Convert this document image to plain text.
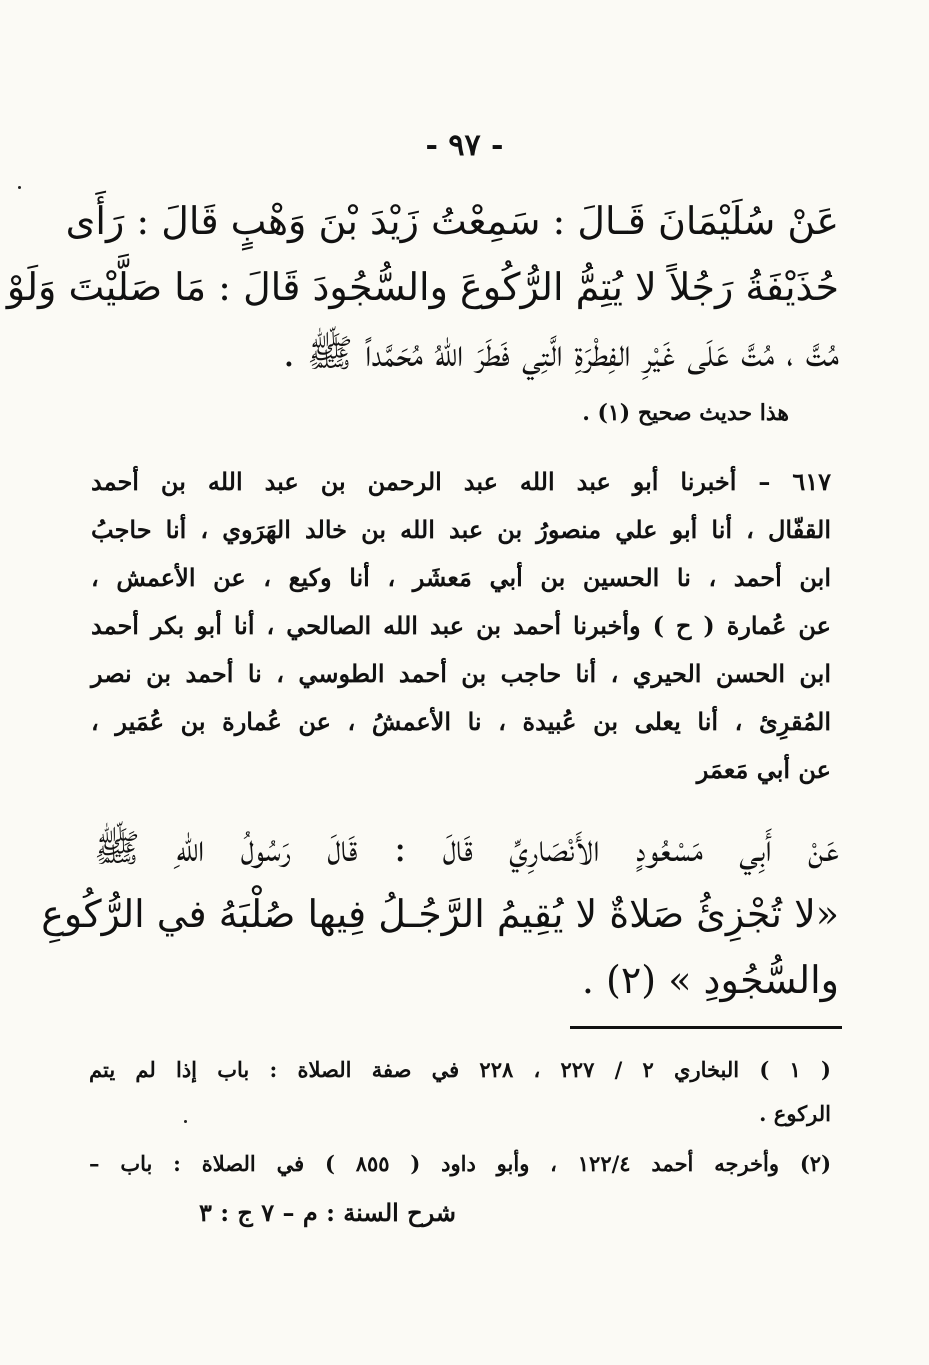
- ٩٧ -
عَنْ سُلَيْمَانَ قَـالَ : سَمِعْتُ زَيْدَ بْنَ وَهْبٍ قَالَ : رَأَى
حُذَيْفَةُ رَجُلاً لا يُتِمُّ الرُّكُوعَ والسُّجُودَ قَالَ : مَا صَلَّيْتَ وَلَوْ
مُتَّ ، مُتَّ عَلَى غَيْرِ الفِطْرَةِ الَّتِي فَطَرَ اللهُ مُحَمَّداً ﷺ .
هذا حديث صحيح (١) .
٦١٧ – أخبرنا أبو عبد الله عبد الرحمن بن عبد الله بن أحمد
القفّال ، أنا أبو علي منصورُ بن عبد الله بن خالد الهَرَوي ، أنا حاجبُ
ابن أحمد ، نا الحسين بن أبي مَعشَر ، أنا وكيع ، عن الأعمش ،
عن عُمارة ( ح ) وأخبرنا أحمد بن عبد الله الصالحي ، أنا أبو بكر أحمد
ابن الحسن الحيري ، أنا حاجب بن أحمد الطوسي ، نا أحمد بن نصر
المُقرِئ ، أنا يعلى بن عُبيدة ، نا الأعمشُ ، عن عُمارة بن عُمَير ،
عن أبي مَعمَر
عَنْ أَبِي مَسْعُودٍ الأَنْصَارِيِّ قَالَ : قَالَ رَسُولُ اللهِ ﷺ
«لا تُجْزِئُ صَلاةٌ لا يُقِيمُ الرَّجُـلُ فِيها صُلْبَهُ في الرُّكُوعِ
والسُّجُودِ » (٢) .
( ١ ) البخاري ٢ / ٢٢٧ ، ٢٢٨ في صفة الصلاة : باب إذا لم يتم
الركوع .
(٢) وأخرجه أحمد ١٢٢/٤ ، وأبو داود ( ٨٥٥ ) في الصلاة : باب –
شرح السنة : م – ٧ ج : ٣
